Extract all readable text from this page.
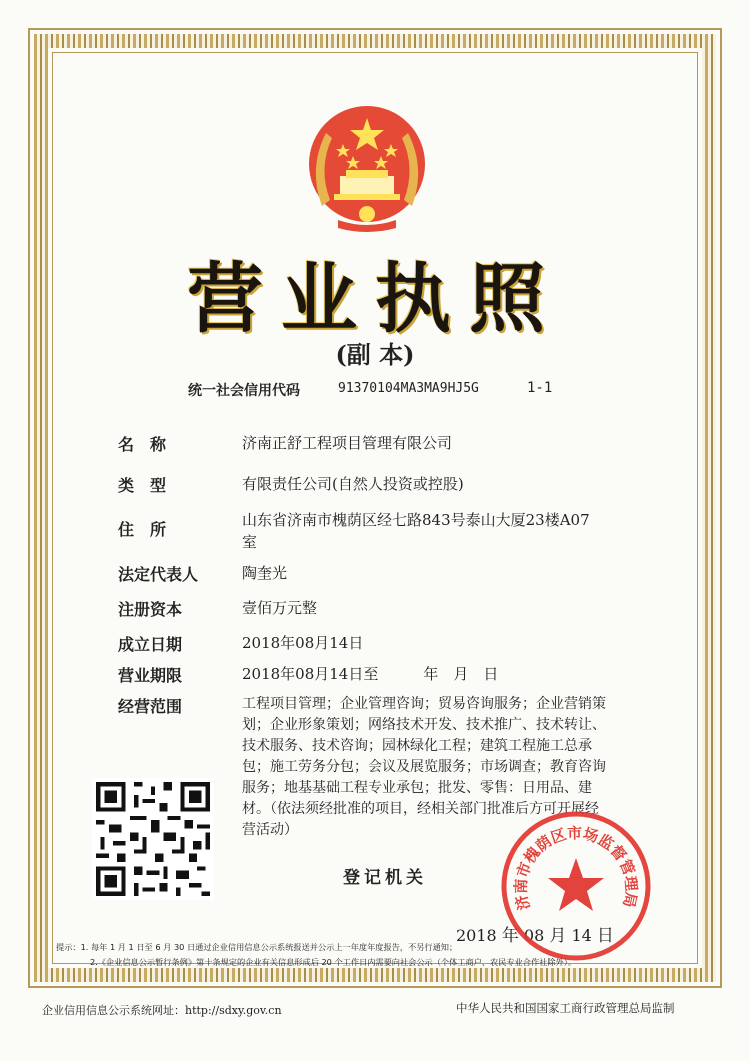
营业执照
(副 本)
统一社会信用代码	91370104MA3MA9HJ5G	1-1
名　称	济南正舒工程项目管理有限公司
类　型	有限责任公司(自然人投资或控股)
住　所	山东省济南市槐荫区经七路843号泰山大厦23楼A07室
法定代表人	陶奎光
注册资本	壹佰万元整
成立日期	2018年08月14日
营业期限	2018年08月14日至　　　年　月　日
经营范围	工程项目管理；企业管理咨询；贸易咨询服务；企业营销策划；企业形象策划；网络技术开发、技术推广、技术转让、技术服务、技术咨询；园林绿化工程；建筑工程施工总承包；施工劳务分包；会议及展览服务；市场调查；教育咨询服务；地基基础工程专业承包；批发、零售：日用品、建材。（依法须经批准的项目，经相关部门批准后方可开展经营活动）
登记机关
2018 年 08 月 14 日
济南市槐荫区市场监督管理局
提示：1. 每年 1 月 1 日至 6 月 30 日通过企业信用信息公示系统报送并公示上一年度年度报告，不另行通知；
2.《企业信息公示暂行条例》第十条规定的企业有关信息形成后 20 个工作日内需要向社会公示（个体工商户、农民专业合作社除外）。
企业信用信息公示系统网址：http://sdxy.gov.cn	中华人民共和国国家工商行政管理总局监制
